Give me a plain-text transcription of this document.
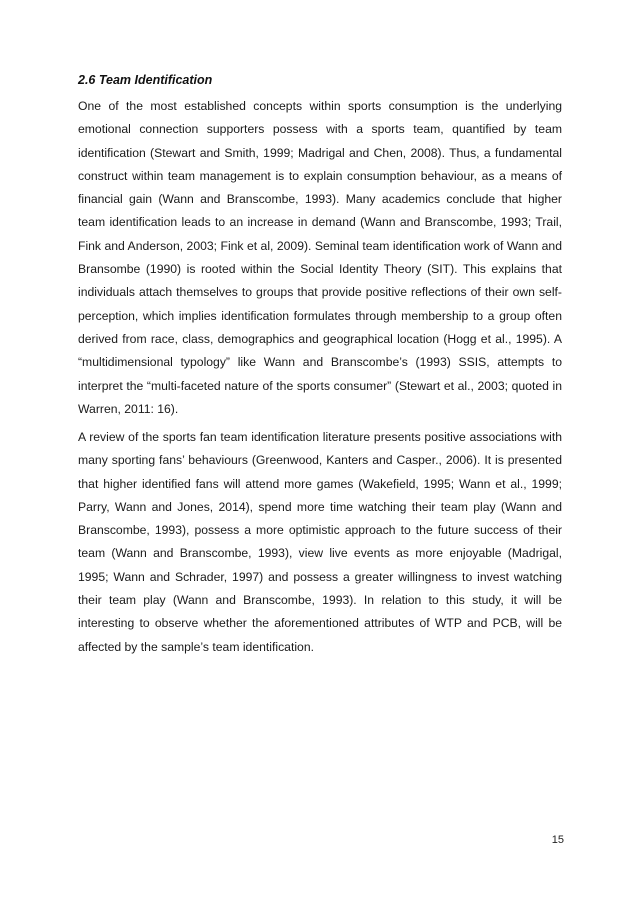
2.6 Team Identification

One of the most established concepts within sports consumption is the underlying emotional connection supporters possess with a sports team, quantified by team identification (Stewart and Smith, 1999; Madrigal and Chen, 2008). Thus, a fundamental construct within team management is to explain consumption behaviour, as a means of financial gain (Wann and Branscombe, 1993). Many academics conclude that higher team identification leads to an increase in demand (Wann and Branscombe, 1993; Trail, Fink and Anderson, 2003; Fink et al, 2009). Seminal team identification work of Wann and Bransombe (1990) is rooted within the Social Identity Theory (SIT). This explains that individuals attach themselves to groups that provide positive reflections of their own self-perception, which implies identification formulates through membership to a group often derived from race, class, demographics and geographical location (Hogg et al., 1995). A “multidimensional typology” like Wann and Branscombe’s (1993) SSIS, attempts to interpret the “multi-faceted nature of the sports consumer” (Stewart et al., 2003; quoted in Warren, 2011: 16).

A review of the sports fan team identification literature presents positive associations with many sporting fans’ behaviours (Greenwood, Kanters and Casper., 2006). It is presented that higher identified fans will attend more games (Wakefield, 1995; Wann et al., 1999; Parry, Wann and Jones, 2014), spend more time watching their team play (Wann and Branscombe, 1993), possess a more optimistic approach to the future success of their team (Wann and Branscombe, 1993), view live events as more enjoyable (Madrigal, 1995; Wann and Schrader, 1997) and possess a greater willingness to invest watching their team play (Wann and Branscombe, 1993). In relation to this study, it will be interesting to observe whether the aforementioned attributes of WTP and PCB, will be affected by the sample’s team identification.

15
